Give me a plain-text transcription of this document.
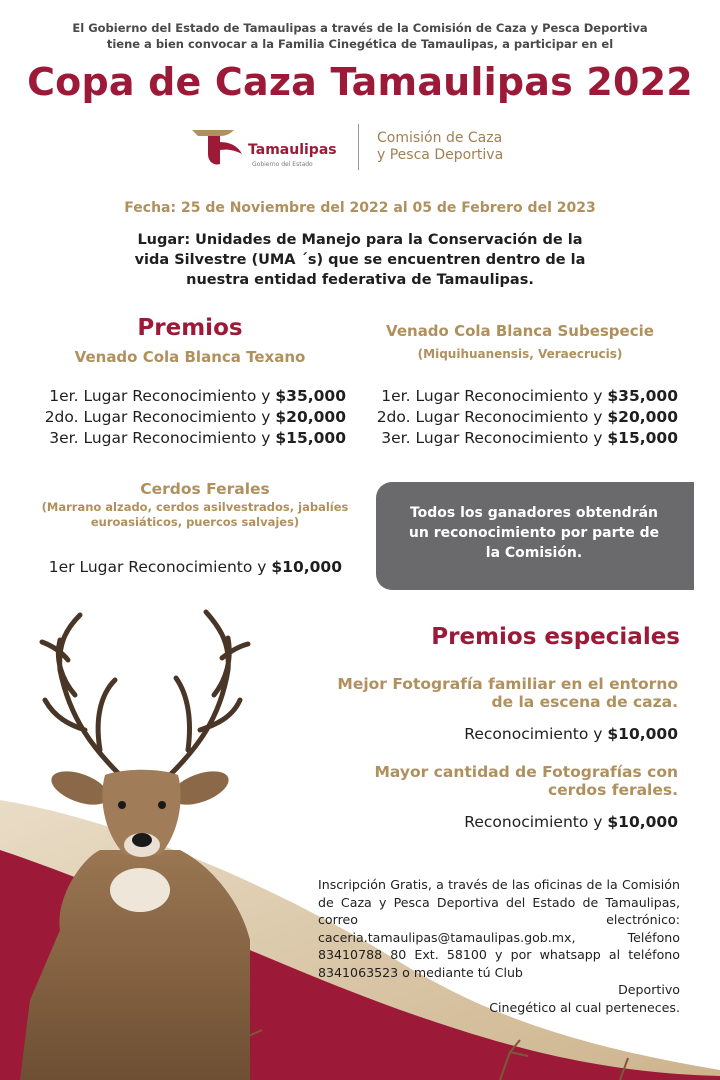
El Gobierno del Estado de Tamaulipas a través de la Comisión de Caza y Pesca Deportiva
tiene a bien convocar a la Familia Cinegética de Tamaulipas, a participar en el
Copa de Caza Tamaulipas 2022
Tamaulipas
Gobierno del Estado
Comisión de Caza
y Pesca Deportiva
Fecha: 25 de Noviembre del 2022 al 05 de Febrero del 2023
Lugar: Unidades de Manejo para la Conservación de la
vida Silvestre (UMA ´s) que se encuentren dentro de la
nuestra entidad federativa de Tamaulipas.
Premios
Venado Cola Blanca Texano
Venado Cola Blanca Subespecie
(Miquihuanensis, Veraecrucis)
1er. Lugar Reconocimiento y $35,000
2do. Lugar Reconocimiento y $20,000
3er. Lugar Reconocimiento y $15,000
1er. Lugar Reconocimiento y $35,000
2do. Lugar Reconocimiento y $20,000
3er. Lugar Reconocimiento y $15,000
Cerdos Ferales
(Marrano alzado, cerdos asilvestrados, jabalíes
euroasiáticos, puercos salvajes)
1er Lugar Reconocimiento y $10,000
Todos los ganadores obtendrán
un reconocimiento por parte de
la Comisión.
Premios especiales
Mejor Fotografía familiar en el entorno
de la escena de caza.
Reconocimiento y $10,000
Mayor cantidad de Fotografías con
cerdos ferales.
Reconocimiento y $10,000
Inscripción Gratis, a través de las oficinas de la Comisión de Caza y Pesca Deportiva del Estado de Tamaulipas, correo electrónico: caceria.tamaulipas@tamaulipas.gob.mx, Teléfono 83410788 80 Ext. 58100 y por whatsapp al teléfono 8341063523 o mediante tú Club
Deportivo
Cinegético al cual perteneces.
